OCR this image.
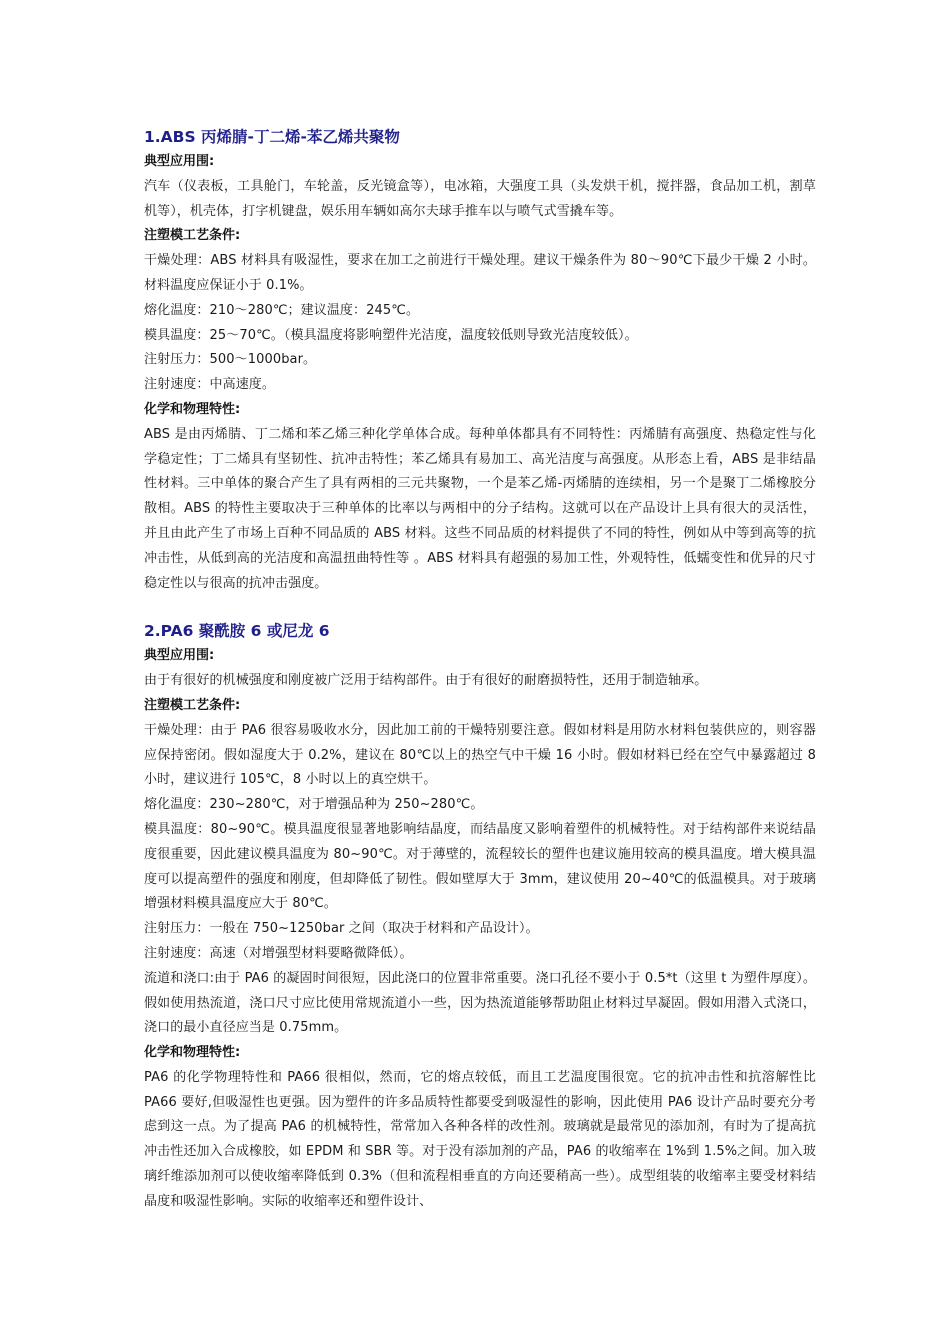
1.ABS 丙烯腈-丁二烯-苯乙烯共聚物

典型应用围:

汽车（仪表板，工具舱门，车轮盖，反光镜盒等），电冰箱，大强度工具（头发烘干机，搅拌器，食品加工机，割草机等），机壳体，打字机键盘，娱乐用车辆如高尔夫球手推车以与喷气式雪撬车等。

注塑模工艺条件:

干燥处理：ABS 材料具有吸湿性，要求在加工之前进行干燥处理。建议干燥条件为 80～90℃下最少干燥 2 小时。材料温度应保证小于 0.1%。

熔化温度：210～280℃；建议温度：245℃。

模具温度：25～70℃。（模具温度将影响塑件光洁度，温度较低则导致光洁度较低）。

注射压力：500～1000bar。

注射速度：中高速度。

化学和物理特性:

ABS 是由丙烯腈、丁二烯和苯乙烯三种化学单体合成。每种单体都具有不同特性：丙烯腈有高强度、热稳定性与化学稳定性；丁二烯具有坚韧性、抗冲击特性；苯乙烯具有易加工、高光洁度与高强度。从形态上看，ABS 是非结晶性材料。三中单体的聚合产生了具有两相的三元共聚物，一个是苯乙烯-丙烯腈的连续相，另一个是聚丁二烯橡胶分散相。ABS 的特性主要取决于三种单体的比率以与两相中的分子结构。这就可以在产品设计上具有很大的灵活性，并且由此产生了市场上百种不同品质的 ABS 材料。这些不同品质的材料提供了不同的特性，例如从中等到高等的抗冲击性，从低到高的光洁度和高温扭曲特性等 。ABS 材料具有超强的易加工性，外观特性，低蠕变性和优异的尺寸稳定性以与很高的抗冲击强度。

2.PA6 聚酰胺 6 或尼龙 6

典型应用围:

由于有很好的机械强度和刚度被广泛用于结构部件。由于有很好的耐磨损特性，还用于制造轴承。

注塑模工艺条件:

干燥处理：由于 PA6 很容易吸收水分，因此加工前的干燥特别要注意。假如材料是用防水材料包装供应的，则容器应保持密闭。假如湿度大于 0.2%，建议在 80℃以上的热空气中干燥 16 小时。假如材料已经在空气中暴露超过 8 小时，建议进行 105℃，8 小时以上的真空烘干。

熔化温度：230~280℃，对于增强品种为 250~280℃。

模具温度：80~90℃。模具温度很显著地影响结晶度，而结晶度又影响着塑件的机械特性。对于结构部件来说结晶度很重要，因此建议模具温度为 80~90℃。对于薄壁的，流程较长的塑件也建议施用较高的模具温度。增大模具温度可以提高塑件的强度和刚度，但却降低了韧性。假如壁厚大于 3mm，建议使用 20~40℃的低温模具。对于玻璃增强材料模具温度应大于 80℃。

注射压力：一般在 750~1250bar 之间（取决于材料和产品设计）。

注射速度：高速（对增强型材料要略微降低）。

流道和浇口:由于 PA6 的凝固时间很短，因此浇口的位置非常重要。浇口孔径不要小于 0.5*t（这里 t 为塑件厚度）。假如使用热流道，浇口尺寸应比使用常规流道小一些，因为热流道能够帮助阻止材料过早凝固。假如用潜入式浇口，浇口的最小直径应当是 0.75mm。

化学和物理特性:

PA6 的化学物理特性和 PA66 很相似，然而，它的熔点较低，而且工艺温度围很宽。它的抗冲击性和抗溶解性比 PA66 要好,但吸湿性也更强。因为塑件的许多品质特性都要受到吸湿性的影响，因此使用 PA6 设计产品时要充分考虑到这一点。为了提高 PA6 的机械特性，常常加入各种各样的改性剂。玻璃就是最常见的添加剂，有时为了提高抗冲击性还加入合成橡胶，如 EPDM 和 SBR 等。对于没有添加剂的产品，PA6 的收缩率在 1%到 1.5%之间。加入玻璃纤维添加剂可以使收缩率降低到 0.3%（但和流程相垂直的方向还要稍高一些）。成型组装的收缩率主要受材料结晶度和吸湿性影响。实际的收缩率还和塑件设计、
